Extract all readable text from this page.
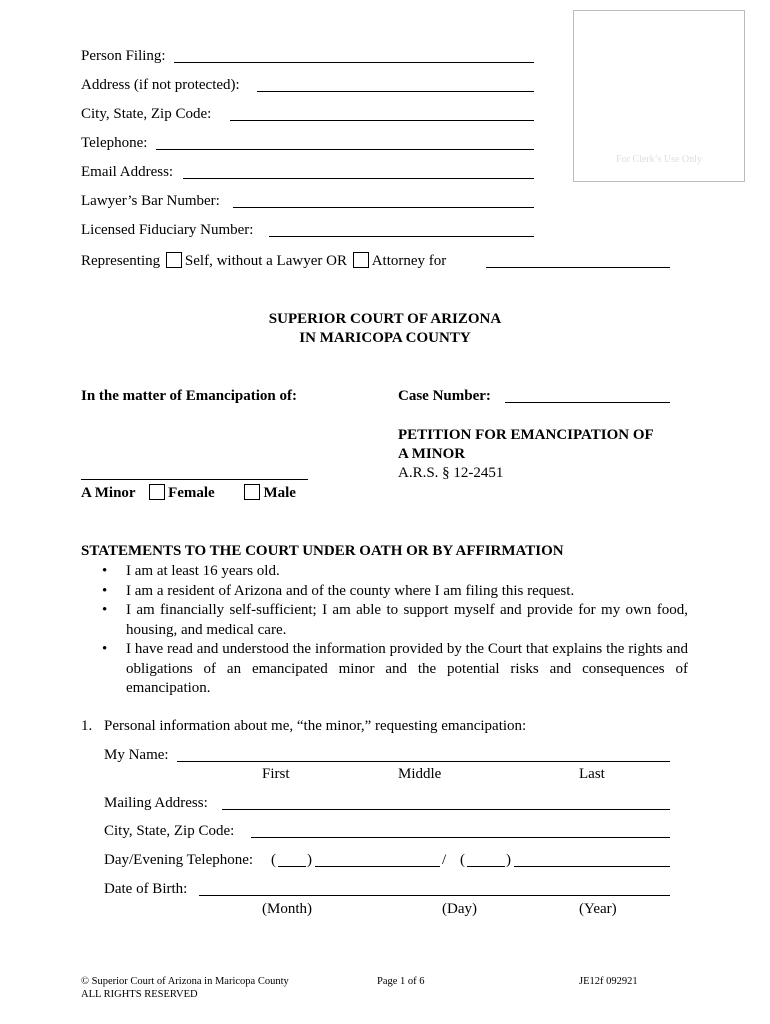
For Clerk’s Use Only
Person Filing:
Address (if not protected):
City, State, Zip Code:
Telephone:
Email Address:
Lawyer’s Bar Number:
Licensed Fiduciary Number:
Representing Self, without a Lawyer OR Attorney for
SUPERIOR COURT OF ARIZONA
IN MARICOPA COUNTY
In the matter of Emancipation of:	Case Number:
PETITION FOR EMANCIPATION OF
A MINOR
A.R.S. § 12-2451
A Minor Female	Male
STATEMENTS TO THE COURT UNDER OATH OR BY AFFIRMATION
• I am at least 16 years old.
• I am a resident of Arizona and of the county where I am filing this request.
• I am financially self-sufficient; I am able to support myself and provide for my own food, housing, and medical care.
• I have read and understood the information provided by the Court that explains the rights and obligations of an emancipated minor and the potential risks and consequences of emancipation.
1. Personal information about me, “the minor,” requesting emancipation:
My Name:
First	Middle	Last
Mailing Address:
City, State, Zip Code:
Day/Evening Telephone: ( )	/ (	)
Date of Birth:
(Month)	(Day)	(Year)
© Superior Court of Arizona in Maricopa County
ALL RIGHTS RESERVED
Page 1 of 6	JE12f 092921
